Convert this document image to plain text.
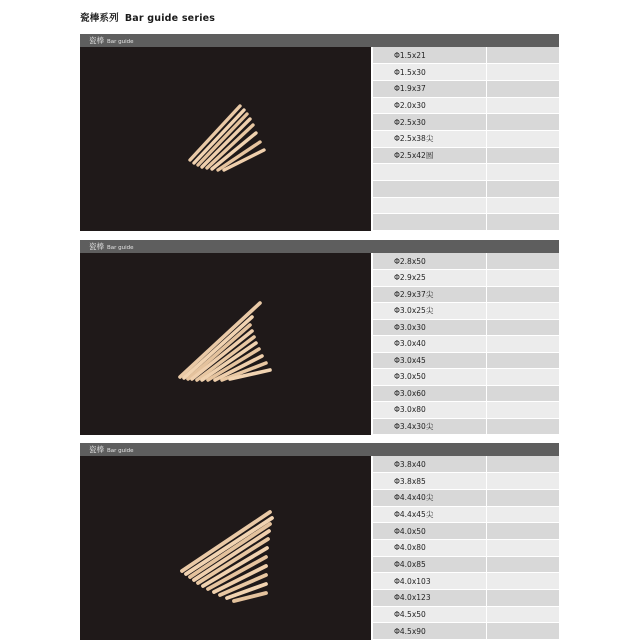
瓷棒系列 Bar guide series
瓷棒 Bar guide
Φ1.5x21	
Φ1.5x30	
Φ1.9x37	
Φ2.0x30	
Φ2.5x30	
Φ2.5x38尖	
Φ2.5x42圆	

瓷棒 Bar guide
Φ2.8x50	
Φ2.9x25	
Φ2.9x37尖	
Φ3.0x25尖	
Φ3.0x30	
Φ3.0x40	
Φ3.0x45	
Φ3.0x50	
Φ3.0x60	
Φ3.0x80	
Φ3.4x30尖	
瓷棒 Bar guide
Φ3.8x40	
Φ3.8x85	
Φ4.4x40尖	
Φ4.4x45尖	
Φ4.0x50	
Φ4.0x80	
Φ4.0x85	
Φ4.0x103	
Φ4.0x123	
Φ4.5x50	
Φ4.5x90	
